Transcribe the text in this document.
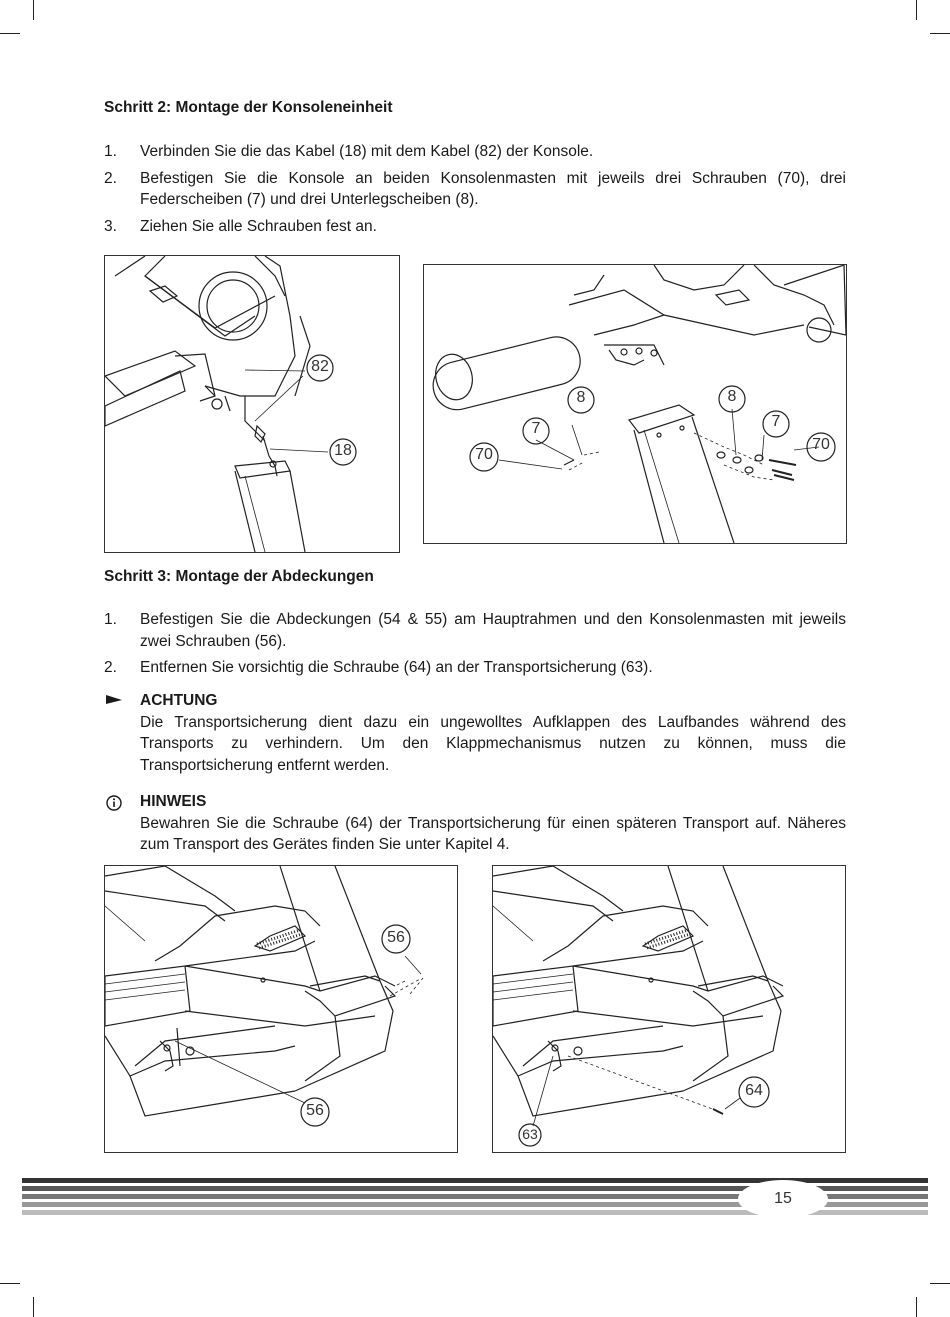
Schritt 2: Montage der Konsoleneinheit
1. Verbinden Sie die das Kabel (18) mit dem Kabel (82) der Konsole.
2. Befestigen Sie die Konsole an beiden Konsolenmasten mit jeweils drei Schrauben (70), drei Federscheiben (7) und drei Unterlegscheiben (8).
3. Ziehen Sie alle Schrauben fest an.
82
18
8	8
7	7
70
70
Schritt 3: Montage der Abdeckungen
1. Befestigen Sie die Abdeckungen (54 & 55) am Hauptrahmen und den Konsolenmasten mit jeweils zwei Schrauben (56).
2. Entfernen Sie vorsichtig die Schraube (64) an der Transportsicherung (63).
ACHTUNG
Die Transportsicherung dient dazu ein ungewolltes Aufklappen des Laufbandes während des Transports zu verhindern. Um den Klappmechanismus nutzen zu können, muss die Transportsicherung entfernt werden.
HINWEIS
Bewahren Sie die Schraube (64) der Transportsicherung für einen späteren Transport auf. Näheres zum Transport des Gerätes finden Sie unter Kapitel 4.
56
56
64
63
15
